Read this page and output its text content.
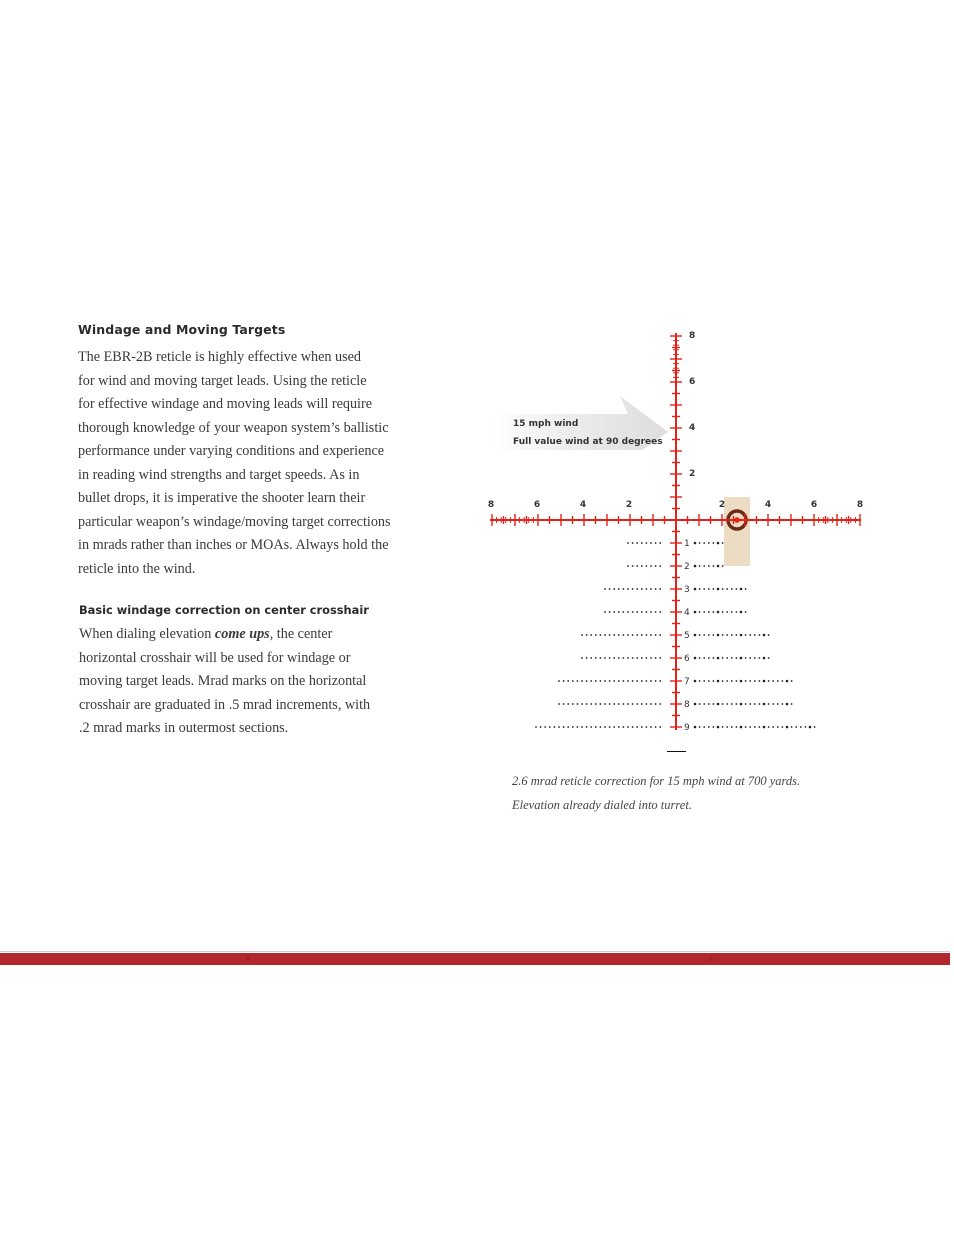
Windage and Moving Targets

The EBR-2B reticle is highly effective when used
for wind and moving target leads. Using the reticle
for effective windage and moving leads will require
thorough knowledge of your weapon system’s ballistic
performance under varying conditions and experience
in reading wind strengths and target speeds. As in
bullet drops, it is imperative the shooter learn their
particular weapon’s windage/moving target corrections
in mrads rather than inches or MOAs. Always hold the
reticle into the wind.

Basic windage correction on center crosshair

When dialing elevation come ups, the center
horizontal crosshair will be used for windage or
moving target leads. Mrad marks on the horizontal
crosshair are graduated in .5 mrad increments, with
.2 mrad marks in outermost sections.

15 mph wind
Full value wind at 90 degrees
8
6
4
2
8	6	4	2	2	4	6	8
1
2
3
4
5
6
7
8
9
2.6 mrad reticle correction for 15 mph wind at 700 yards.
Elevation already dialed into turret.
